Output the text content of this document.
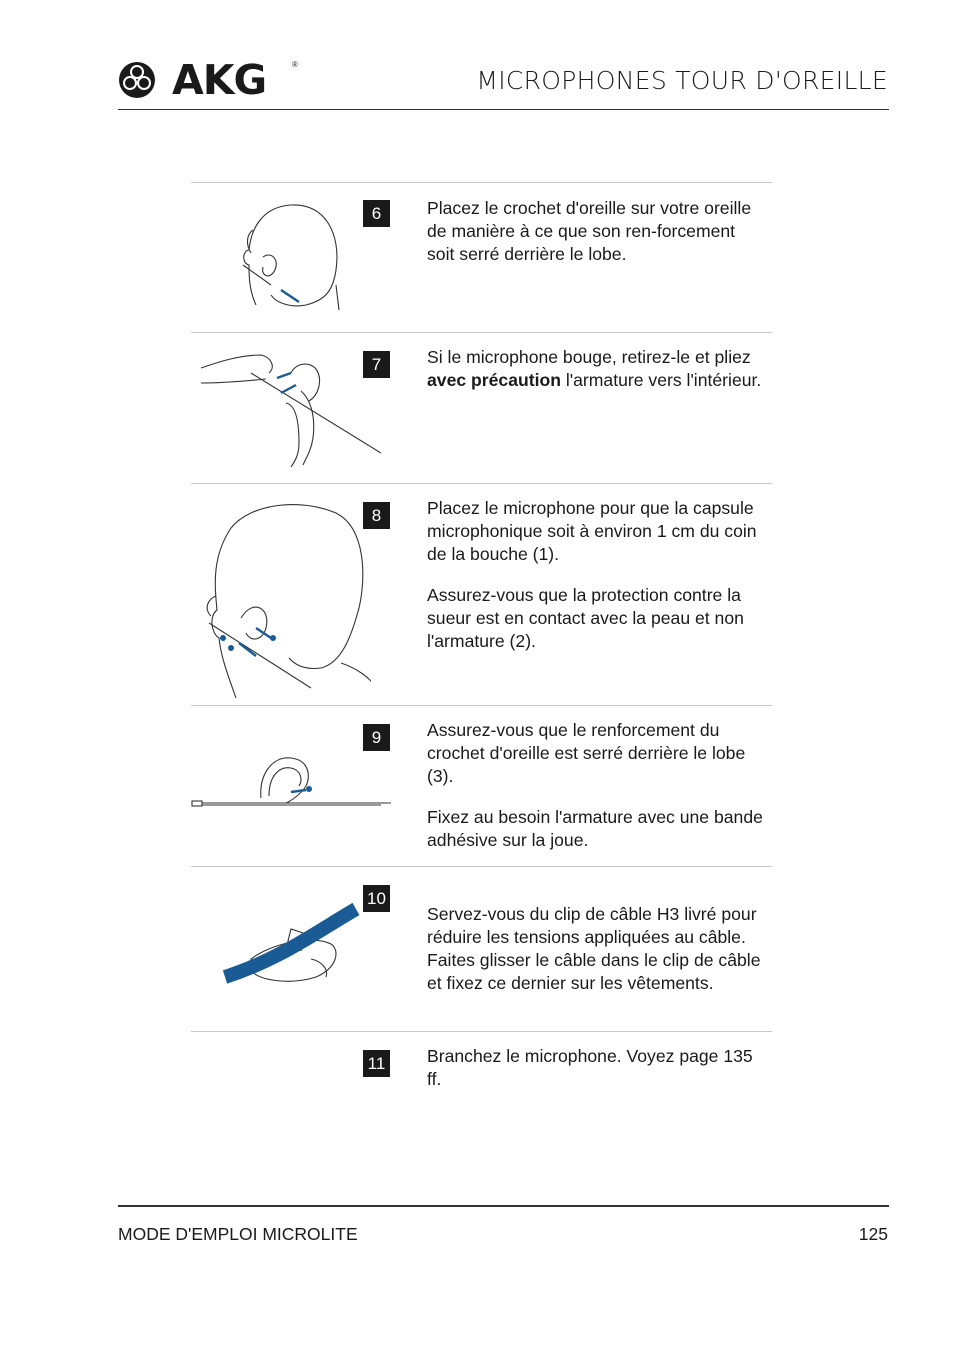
AKG	®
MICROPHONES TOUR D'OREILLE
6	Placez le crochet d'oreille sur votre oreille de manière à ce que son ren-forcement soit serré derrière le lobe.

7	Si le microphone bouge, retirez-le et pliez avec précaution l'armature vers l'intérieur.

8	Placez le microphone pour que la capsule microphonique soit à environ 1 cm du coin de la bouche (1).

Assurez-vous que la protection contre la sueur est en contact avec la peau et non l'armature (2).

9	Assurez-vous que le renforcement du crochet d'oreille est serré derrière le lobe (3).

Fixez au besoin l'armature avec une bande adhésive sur la joue.

10

Servez-vous du clip de câble H3 livré pour réduire les tensions appliquées au câble.
Faites glisser le câble dans le clip de câble et fixez ce dernier sur les vêtements.

11 Branchez le microphone. Voyez page 135 ff.

MODE D'EMPLOI MICROLITE	125
